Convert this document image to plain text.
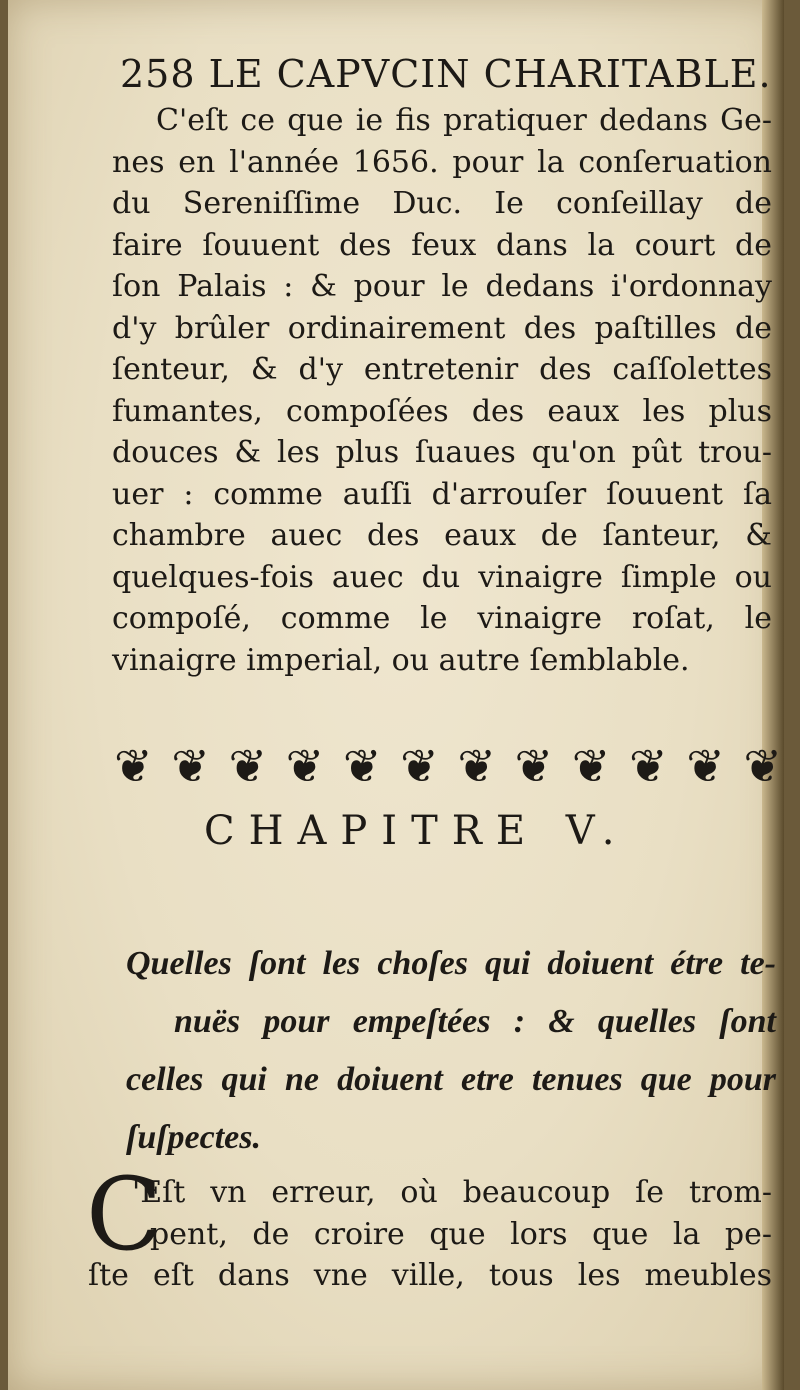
258 LE CAPVCIN CHARITABLE.
C'eſt ce que ie fis pratiquer dedans Ge-
nes en l'année 1656. pour la conſeruation
du Sereniſſime Duc. Ie conſeillay de
faire ſouuent des feux dans la court de
ſon Palais : & pour le dedans i'ordonnay
d'y brûler ordinairement des paſtilles de
ſenteur, & d'y entretenir des caſſolettes
fumantes, compoſées des eaux les plus
douces & les plus ſuaues qu'on pût trou-
uer : comme auſſi d'arrouſer ſouuent ſa
chambre auec des eaux de ſanteur, &
quelques-fois auec du vinaigre ſimple ou
compoſé, comme le vinaigre roſat, le
vinaigre imperial, ou autre ſemblable.
❦ ❦ ❦ ❦ ❦ ❦ ❦ ❦ ❦ ❦ ❦ ❦
CHAPITRE V.
Quelles ſont les choſes qui doiuent étre te-
nuës pour empeſtées : & quelles ſont
celles qui ne doiuent etre tenues que pour
ſuſpectes.
C
'Eſt vn erreur, où beaucoup ſe trom-
pent, de croire que lors que la pe-
ſte eſt dans vne ville, tous les meubles
